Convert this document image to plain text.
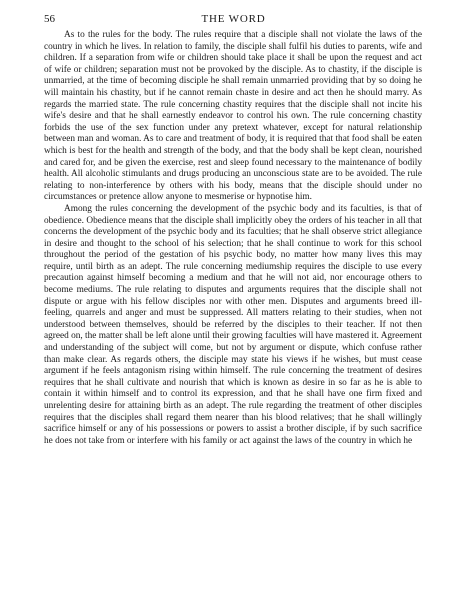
56	THE WORD

As to the rules for the body. The rules require that a disciple shall not violate the laws of the country in which he lives. In relation to family, the disciple shall fulfil his duties to parents, wife and children. If a separation from wife or children should take place it shall be upon the request and act of wife or children; separation must not be provoked by the disciple. As to chastity, if the disciple is unmarried, at the time of becoming disciple he shall remain unmarried providing that by so doing he will maintain his chastity, but if he cannot remain chaste in desire and act then he should marry. As regards the married state. The rule concerning chastity requires that the disciple shall not incite his wife's desire and that he shall earnestly endeavor to control his own. The rule concerning chastity forbids the use of the sex function under any pretext whatever, except for natural relationship between man and woman. As to care and treatment of body, it is required that that food shall be eaten which is best for the health and strength of the body, and that the body shall be kept clean, nourished and cared for, and be given the exercise, rest and sleep found necessary to the maintenance of bodily health. All alcoholic stimulants and drugs producing an unconscious state are to be avoided. The rule relating to non-interference by others with his body, means that the disciple should under no circumstances or pretence allow anyone to mesmerise or hypnotise him.

Among the rules concerning the development of the psychic body and its faculties, is that of obedience. Obedience means that the disciple shall implicitly obey the orders of his teacher in all that concerns the development of the psychic body and its faculties; that he shall observe strict allegiance in desire and thought to the school of his selection; that he shall continue to work for this school throughout the period of the gestation of his psychic body, no matter how many lives this may require, until birth as an adept. The rule concerning mediumship requires the disciple to use every precaution against himself becoming a medium and that he will not aid, nor encourage others to become mediums. The rule relating to disputes and arguments requires that the disciple shall not dispute or argue with his fellow disciples nor with other men. Disputes and arguments breed ill-feeling, quarrels and anger and must be suppressed. All matters relating to their studies, when not understood between themselves, should be referred by the disciples to their teacher. If not then agreed on, the matter shall be left alone until their growing faculties will have mastered it. Agreement and understanding of the subject will come, but not by argument or dispute, which confuse rather than make clear. As regards others, the disciple may state his views if he wishes, but must cease argument if he feels antagonism rising within himself. The rule concerning the treatment of desires requires that he shall cultivate and nourish that which is known as desire in so far as he is able to contain it within himself and to control its expression, and that he shall have one firm fixed and unrelenting desire for attaining birth as an adept. The rule regarding the treatment of other disciples requires that the disciples shall regard them nearer than his blood relatives; that he shall willingly sacrifice himself or any of his possessions or powers to assist a brother disciple, if by such sacrifice he does not take from or interfere with his family or act against the laws of the country in which he
